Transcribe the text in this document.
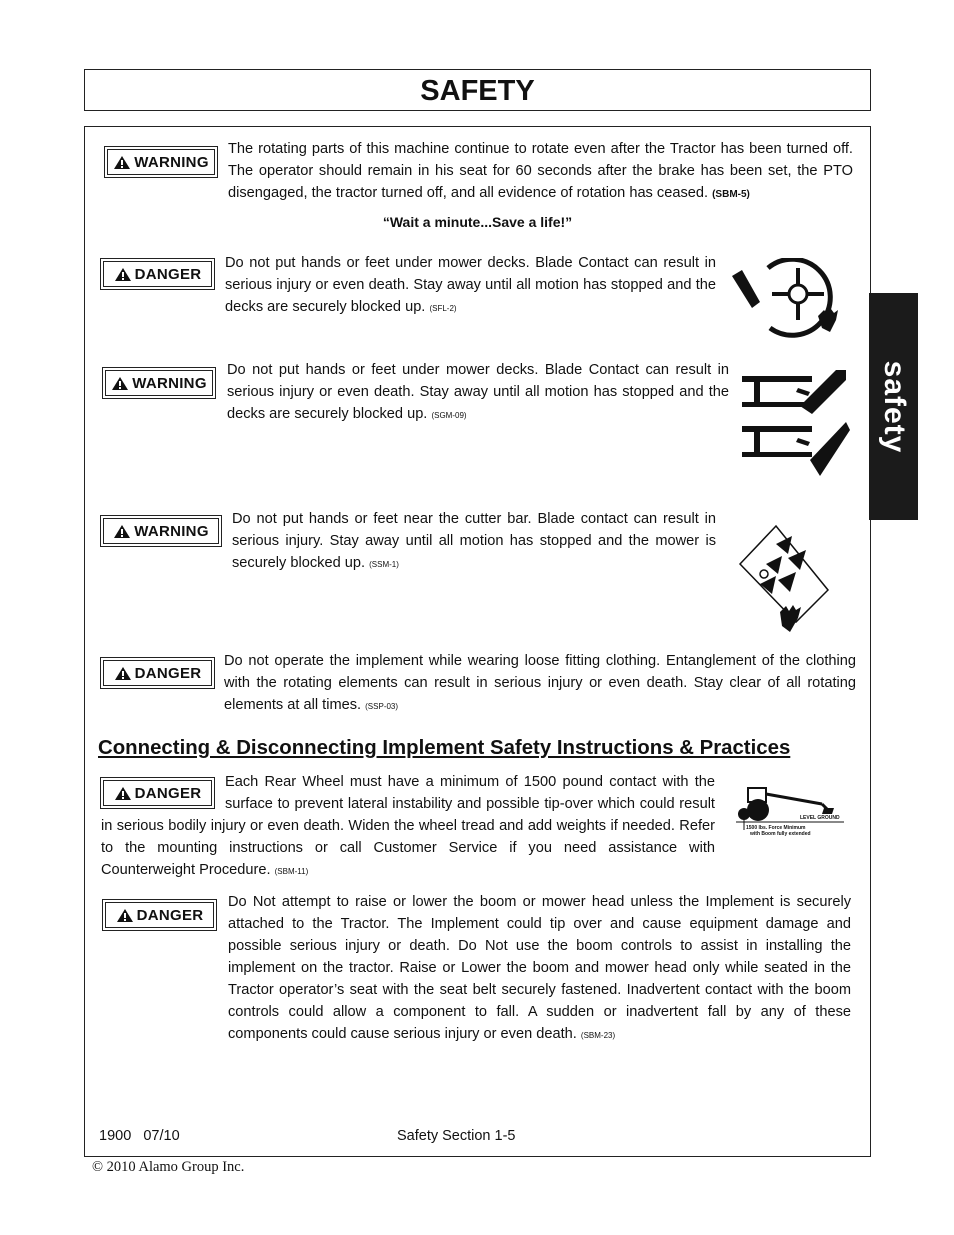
SAFETY
safety
WARNING
The rotating parts of this machine continue to rotate even after the Tractor has been turned off. The operator should remain in his seat for 60 seconds after the brake has been set, the PTO disengaged, the tractor turned off, and all evidence of rotation has ceased. (SBM-5)
“Wait a minute...Save a life!”
DANGER
Do not put hands or feet under mower decks. Blade Contact can result in serious injury or even death. Stay away until all motion has stopped and the decks are securely blocked up. (SFL-2)
WARNING
Do not put hands or feet under mower decks. Blade Contact can result in serious injury or even death. Stay away until all motion has stopped and the decks are securely blocked up. (SGM-09)
WARNING
Do not put hands or feet near the cutter bar. Blade contact can result in serious injury. Stay away until all motion has stopped and the mower is securely blocked up. (SSM-1)
DANGER
Do not operate the implement while wearing loose fitting clothing. Entanglement of the clothing with the rotating elements can result in serious injury or even death. Stay clear of all rotating elements at all times. (SSP-03)
Connecting & Disconnecting Implement Safety Instructions & Practices
DANGER
Each Rear Wheel must have a minimum of 1500 pound contact with the surface to prevent lateral instability and possible tip-over which could result in serious bodily injury or even death. Widen the wheel tread and add weights if needed. Refer to the mounting instructions or call Customer Service if you need assistance with Counterweight Procedure. (SBM-11)
LEVEL GROUND
1500 lbs. Force Minimum
with Boom fully extended
DANGER
Do Not attempt to raise or lower the boom or mower head unless the Implement is securely attached to the Tractor. The Implement could tip over and cause equipment damage and possible serious injury or death. Do Not use the boom controls to assist in installing the implement on the tractor. Raise or Lower the boom and mower head only while seated in the Tractor operator’s seat with the seat belt securely fastened. Inadvertent contact with the boom controls could allow a component to fall. A sudden or inadvertent fall by any of these components could cause serious injury or even death. (SBM-23)
1900   07/10	Safety Section 1-5
© 2010 Alamo Group Inc.
